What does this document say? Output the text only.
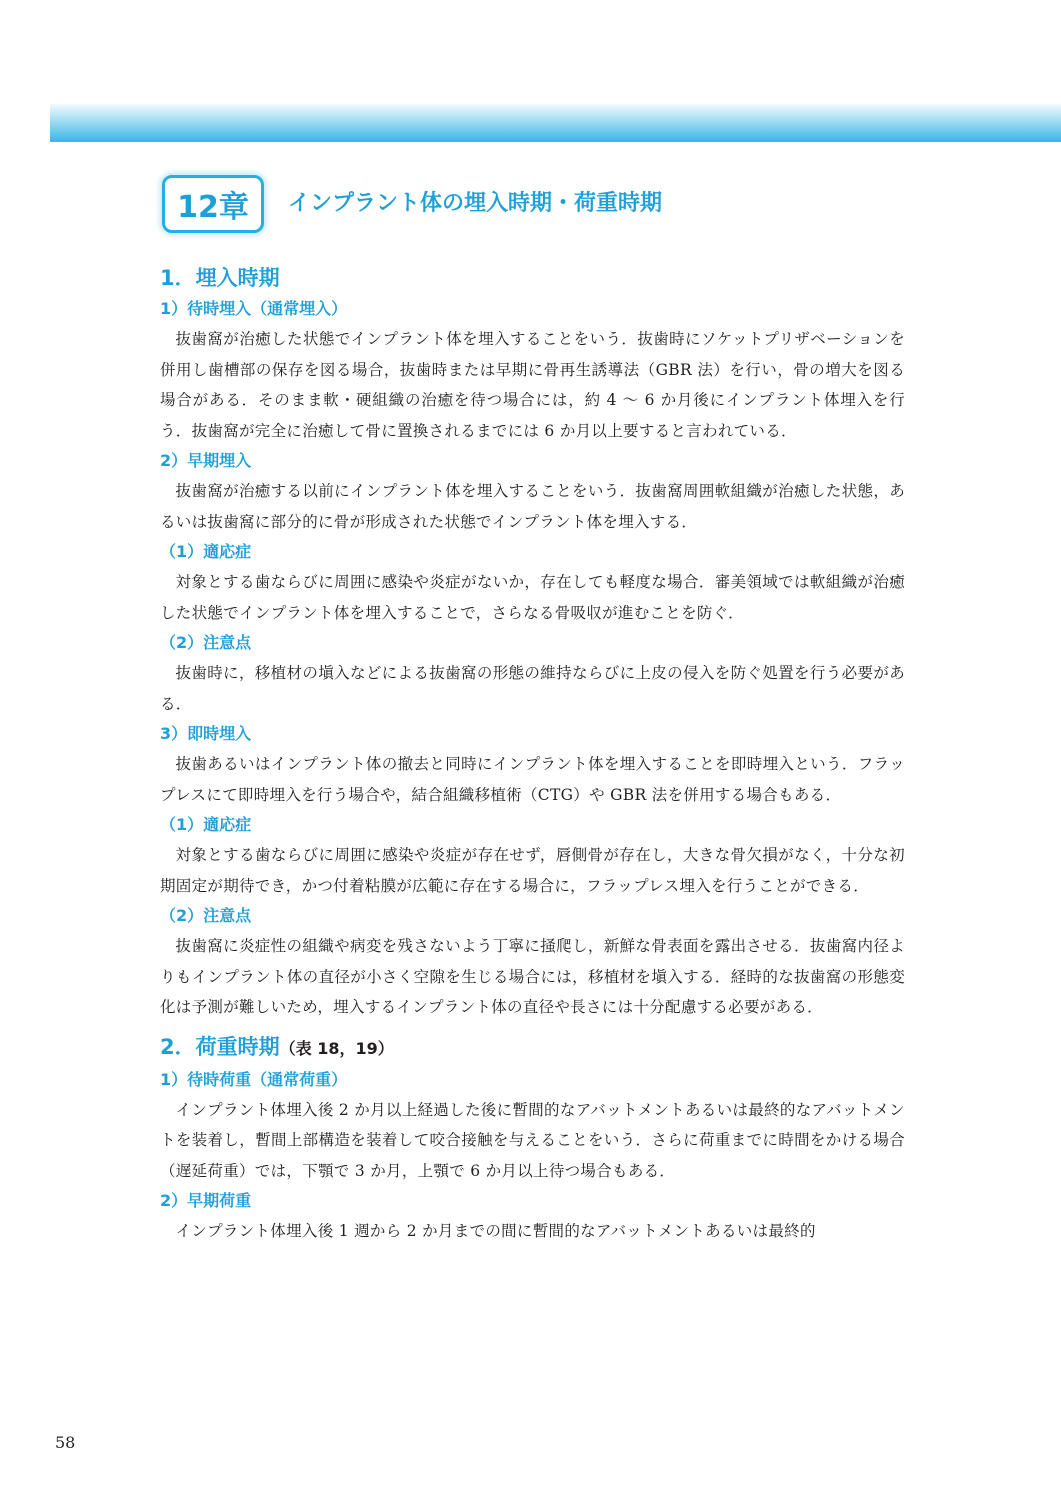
12章 インプラント体の埋入時期・荷重時期
1．埋入時期
1）待時埋入（通常埋入）

抜歯窩が治癒した状態でインプラント体を埋入することをいう．抜歯時にソケットプリザベーションを併用し歯槽部の保存を図る場合，抜歯時または早期に骨再生誘導法（GBR 法）を行い，骨の増大を図る場合がある．そのまま軟・硬組織の治癒を待つ場合には，約 4 ～ 6 か月後にインプラント体埋入を行う．抜歯窩が完全に治癒して骨に置換されるまでには 6 か月以上要すると言われている．

2）早期埋入

抜歯窩が治癒する以前にインプラント体を埋入することをいう．抜歯窩周囲軟組織が治癒した状態，あるいは抜歯窩に部分的に骨が形成された状態でインプラント体を埋入する．

（1）適応症

対象とする歯ならびに周囲に感染や炎症がないか，存在しても軽度な場合．審美領域では軟組織が治癒した状態でインプラント体を埋入することで，さらなる骨吸収が進むことを防ぐ．

（2）注意点

抜歯時に，移植材の塡入などによる抜歯窩の形態の維持ならびに上皮の侵入を防ぐ処置を行う必要がある．

3）即時埋入

抜歯あるいはインプラント体の撤去と同時にインプラント体を埋入することを即時埋入という．フラップレスにて即時埋入を行う場合や，結合組織移植術（CTG）や GBR 法を併用する場合もある．

（1）適応症

対象とする歯ならびに周囲に感染や炎症が存在せず，唇側骨が存在し，大きな骨欠損がなく，十分な初期固定が期待でき，かつ付着粘膜が広範に存在する場合に，フラップレス埋入を行うことができる．

（2）注意点

抜歯窩に炎症性の組織や病変を残さないよう丁寧に掻爬し，新鮮な骨表面を露出させる．抜歯窩内径よりもインプラント体の直径が小さく空隙を生じる場合には，移植材を塡入する．経時的な抜歯窩の形態変化は予測が難しいため，埋入するインプラント体の直径や長さには十分配慮する必要がある．

2．荷重時期（表 18，19）
1）待時荷重（通常荷重）

インプラント体埋入後 2 か月以上経過した後に暫間的なアバットメントあるいは最終的なアバットメントを装着し，暫間上部構造を装着して咬合接触を与えることをいう．さらに荷重までに時間をかける場合（遅延荷重）では，下顎で 3 か月，上顎で 6 か月以上待つ場合もある．

2）早期荷重

インプラント体埋入後 1 週から 2 か月までの間に暫間的なアバットメントあるいは最終的

58
